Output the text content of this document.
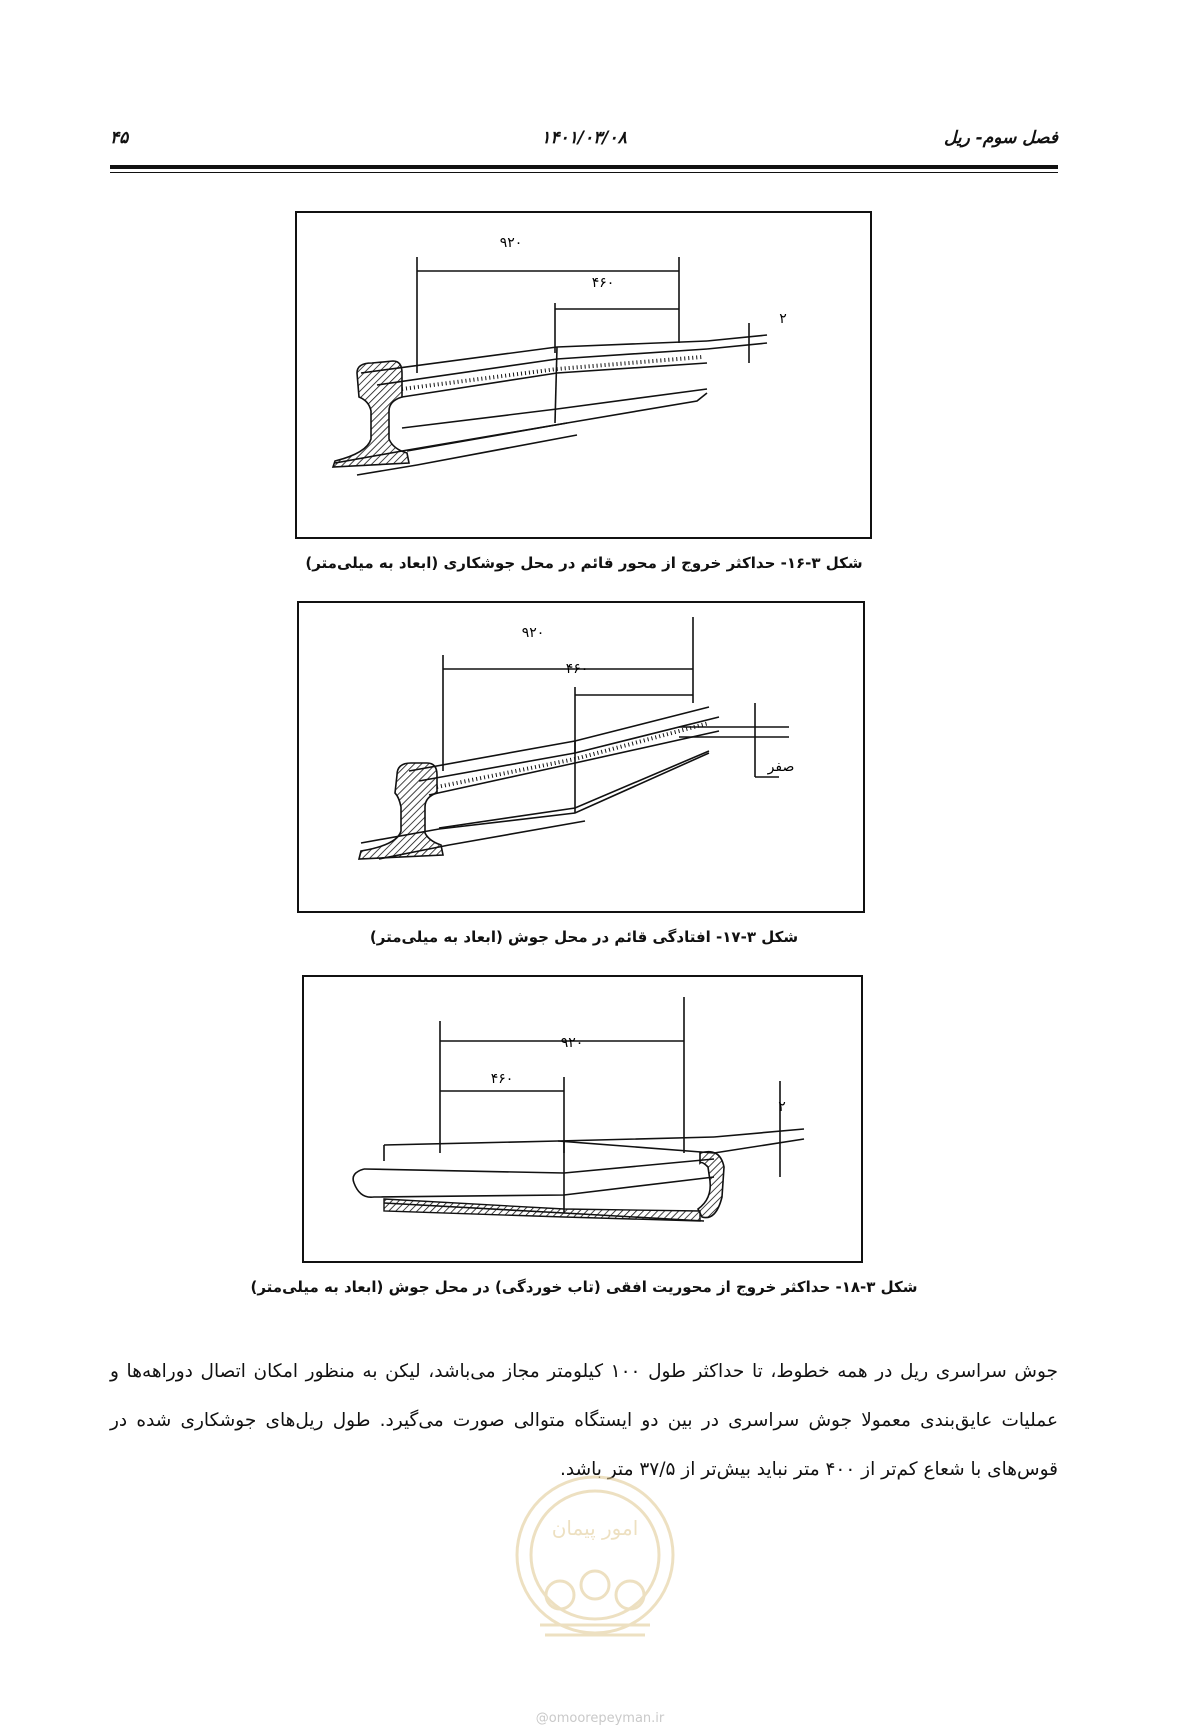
فصل سوم- ریل
۱۴۰۱/۰۳/۰۸
۴۵
۹۲۰
۴۶۰
۲
شکل ۳-۱۶- حداکثر خروج از محور قائم در محل جوشکاری (ابعاد به میلی‌متر)
۹۲۰
۴۶۰
صفر
شکل ۳-۱۷- افتادگی قائم در محل جوش (ابعاد به میلی‌متر)
۹۲۰
۴۶۰
۲
شکل ۳-۱۸- حداکثر خروج از محوریت افقی (تاب خوردگی) در محل جوش (ابعاد به میلی‌متر)

جوش سراسری ریل در همه خطوط، تا حداکثر طول ۱۰۰ کیلومتر مجاز می‌باشد، لیکن به منظور امکان اتصال دوراهه‌ها و عملیات عایق‌بندی معمولا جوش سراسری در بین دو ایستگاه متوالی صورت می‌گیرد. طول ریل‌های جوشکاری شده در قوس‌های با شعاع کم‌تر از ۴۰۰ متر نباید بیش‌تر از ۳۷/۵ متر باشد.

امور پیمان
@omoorepeyman.ir
